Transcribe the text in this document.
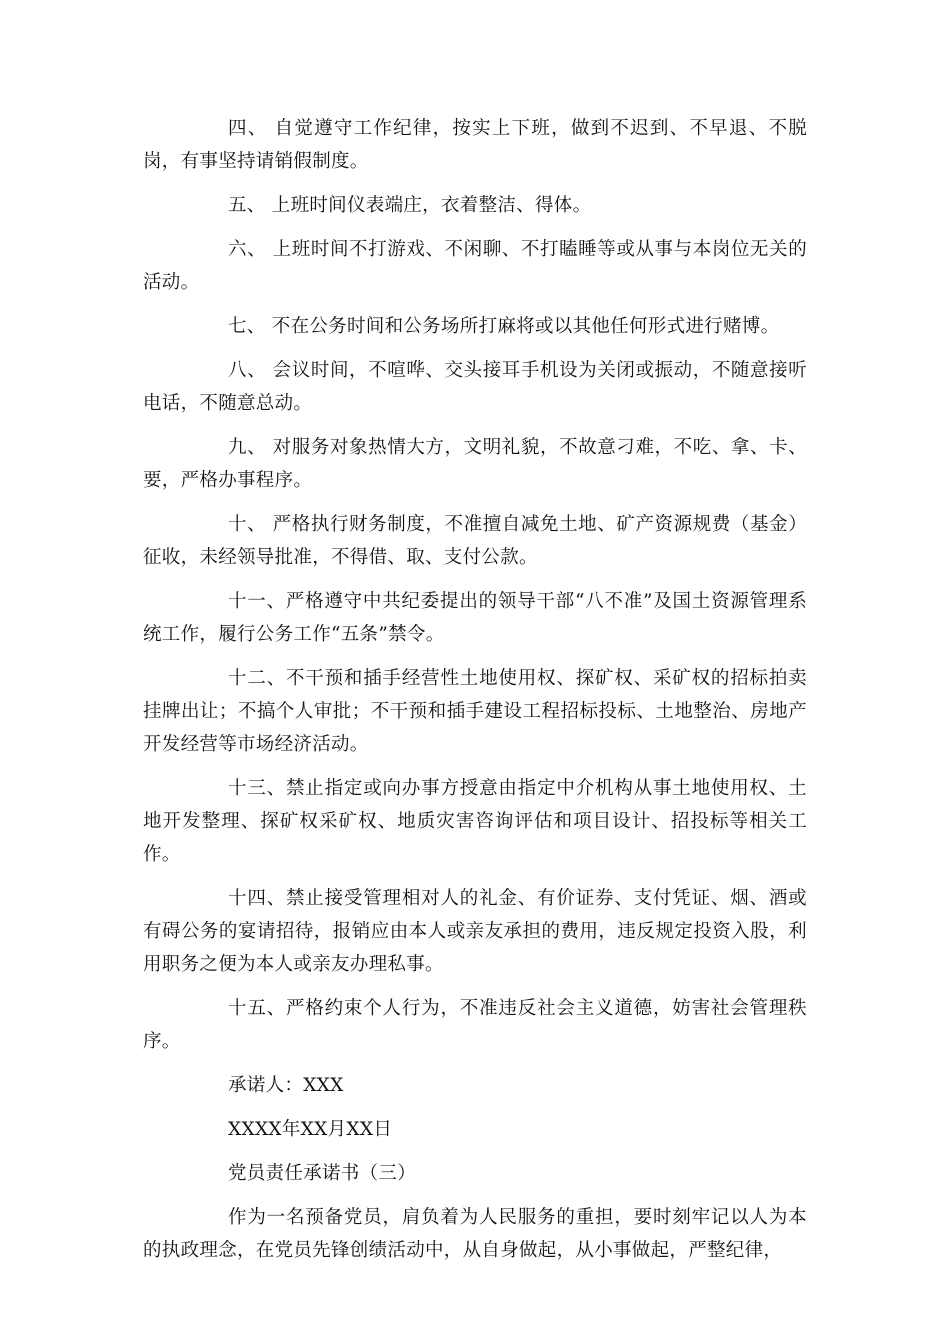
四、 自觉遵守工作纪律，按实上下班，做到不迟到、不早退、不脱岗，有事坚持请销假制度。

五、 上班时间仪表端庄，衣着整洁、得体。

六、 上班时间不打游戏、不闲聊、不打瞌睡等或从事与本岗位无关的活动。

七、 不在公务时间和公务场所打麻将或以其他任何形式进行赌博。

八、 会议时间，不喧哗、交头接耳手机设为关闭或振动，不随意接听电话，不随意总动。

九、 对服务对象热情大方，文明礼貌，不故意刁难，不吃、拿、卡、要，严格办事程序。

十、 严格执行财务制度，不准擅自减免土地、矿产资源规费（基金）征收，未经领导批准，不得借、取、支付公款。

十一、严格遵守中共纪委提出的领导干部“八不准”及国土资源管理系统工作，履行公务工作“五条”禁令。

十二、不干预和插手经营性土地使用权、探矿权、采矿权的招标拍卖挂牌出让；不搞个人审批；不干预和插手建设工程招标投标、土地整治、房地产开发经营等市场经济活动。

十三、禁止指定或向办事方授意由指定中介机构从事土地使用权、土地开发整理、探矿权采矿权、地质灾害咨询评估和项目设计、招投标等相关工作。

十四、禁止接受管理相对人的礼金、有价证券、支付凭证、烟、酒或有碍公务的宴请招待，报销应由本人或亲友承担的费用，违反规定投资入股，利用职务之便为本人或亲友办理私事。

十五、严格约束个人行为，不准违反社会主义道德，妨害社会管理秩序。

承诺人：XXX

XXXX年XX月XX日

党员责任承诺书（三）

作为一名预备党员，肩负着为人民服务的重担，要时刻牢记以人为本的执政理念，在党员先锋创绩活动中，从自身做起，从小事做起，严整纪律，
